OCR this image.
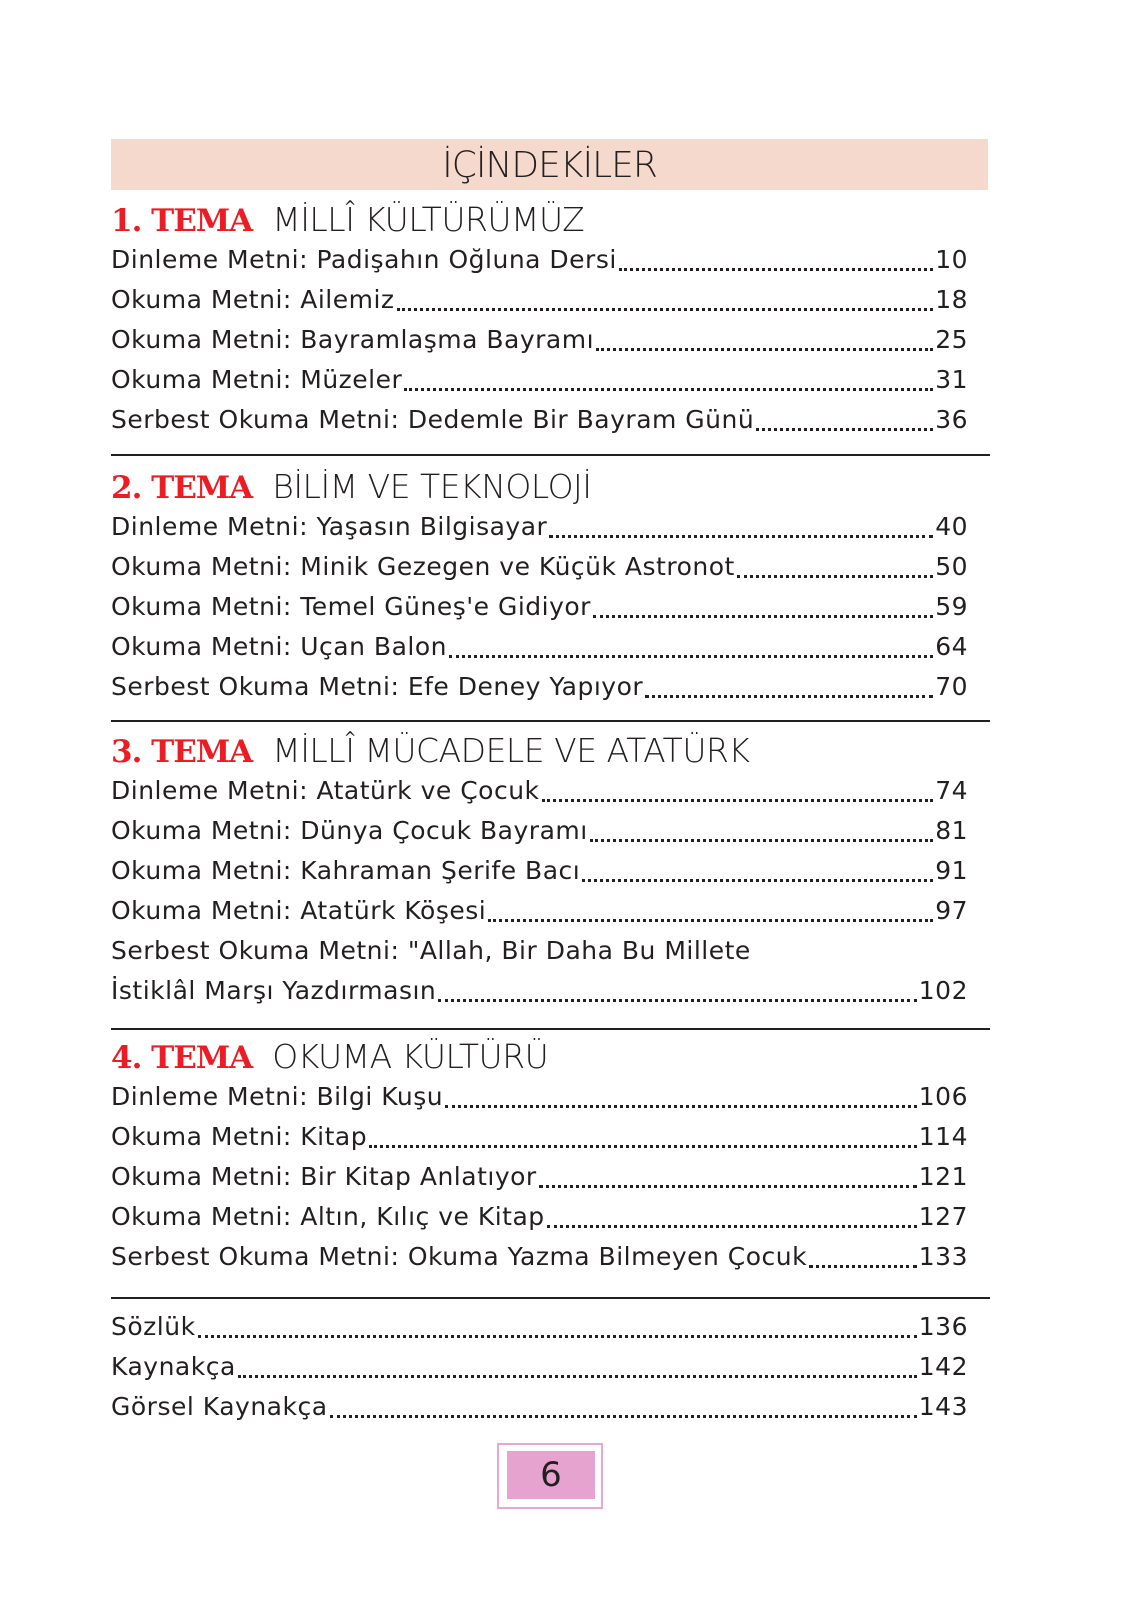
İÇİNDEKİLER
1. TEMA MİLLÎ KÜLTÜRÜMÜZ
Dinleme Metni: Padişahın Oğluna Dersi	10
Okuma Metni: Ailemiz	18
Okuma Metni: Bayramlaşma Bayramı	25
Okuma Metni: Müzeler	31
Serbest Okuma Metni: Dedemle Bir Bayram Günü	36
2. TEMA BİLİM VE TEKNOLOJİ
Dinleme Metni: Yaşasın Bilgisayar	40
Okuma Metni: Minik Gezegen ve Küçük Astronot	50
Okuma Metni: Temel Güneş'e Gidiyor	59
Okuma Metni: Uçan Balon	64
Serbest Okuma Metni: Efe Deney Yapıyor	70
3. TEMA MİLLÎ MÜCADELE VE ATATÜRK
Dinleme Metni: Atatürk ve Çocuk	74
Okuma Metni: Dünya Çocuk Bayramı	81
Okuma Metni: Kahraman Şerife Bacı	91
Okuma Metni: Atatürk Köşesi	97
Serbest Okuma Metni: "Allah, Bir Daha Bu Millete
İstiklâl Marşı Yazdırmasın	102
4. TEMA OKUMA KÜLTÜRÜ
Dinleme Metni: Bilgi Kuşu	106
Okuma Metni: Kitap	114
Okuma Metni: Bir Kitap Anlatıyor	121
Okuma Metni: Altın, Kılıç ve Kitap	127
Serbest Okuma Metni: Okuma Yazma Bilmeyen Çocuk	133
Sözlük	136
Kaynakça	142
Görsel Kaynakça	143
6
